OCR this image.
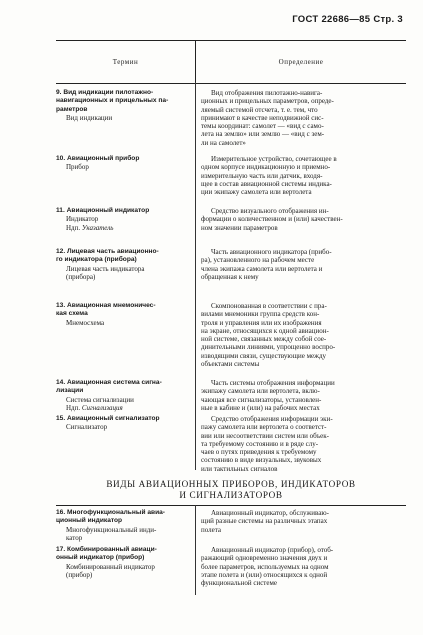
ГОСТ 22686—85 Стр. 3
Термин	Определение
9. Вид индикации пилотажно-
навигационных и прицельных па-
раметров
Вид индикации
Вид отображения пилотажно-навига-
ционных и прицельных параметров, опреде-
ляемый системой отсчета, т. е. тем, что
принимают в качестве неподвижной сис-
темы координат: самолет — «вид с само-
лета на землю» или землю — «вид с зем-
ли на самолет»
10. Авиационный прибор
Прибор
Измерительное устройство, сочетающее в
одном корпусе индикационную и приемно-
измерительную часть или датчик, входя-
щее в состав авиационной системы индика-
ции экипажу самолета или вертолета
11. Авиационный индикатор
Индикатор
Ндп. Указатель
Средство визуального отображения ин-
формации о количественном и (или) качествен-
ном значении параметров
12. Лицевая часть авиационно-
го индикатора (прибора)
Лицевая часть индикатора
(прибора)
Часть авиационного индикатора (прибо-
ра), установленного на рабочем месте
члена экипажа самолета или вертолета и
обращенная к нему
13. Авиационная мнемоничес-
кая схема
Мнемосхема
Скомпонованная в соответствии с пра-
вилами мнемоники группа средств кон-
троля и управления или их изображения
на экране, относящихся к одной авиацион-
ной системе, связанных между собой сое-
динительными линиями, упрощенно воспро-
изводящими связи, существующие между
объектами системы
14. Авиационная система сигна-
лизации
Система сигнализации
Ндп. Сигнализация
Часть системы отображения информации
экипажу самолета или вертолета, вклю-
чающая все сигнализаторы, установлен-
ные в кабине и (или) на рабочих местах
15. Авиационный сигнализатор
Сигнализатор
Средство отображения информации эки-
пажу самолета или вертолета о соответст-
вии или несоответствии систем или объек-
та требуемому состоянию и в ряде слу-
чаев о путях приведения к требуемому
состоянию в виде визуальных, звуковых
или тактильных сигналов
ВИДЫ АВИАЦИОННЫХ ПРИБОРОВ, ИНДИКАТОРОВ
И СИГНАЛИЗАТОРОВ
16. Многофункциональный авиа-
ционный индикатор
Многофункциональный инди-
катор
Авиационный индикатор, обслуживаю-
щий разные системы на различных этапах
полета
17. Комбинированный авиаци-
онный индикатор (прибор)
Комбинированный индикатор
(прибор)
Авиационный индикатор (прибор), отоб-
ражающий одновременно значения двух и
более параметров, используемых на одном
этапе полета и (или) относящихся к одной
функциональной системе
